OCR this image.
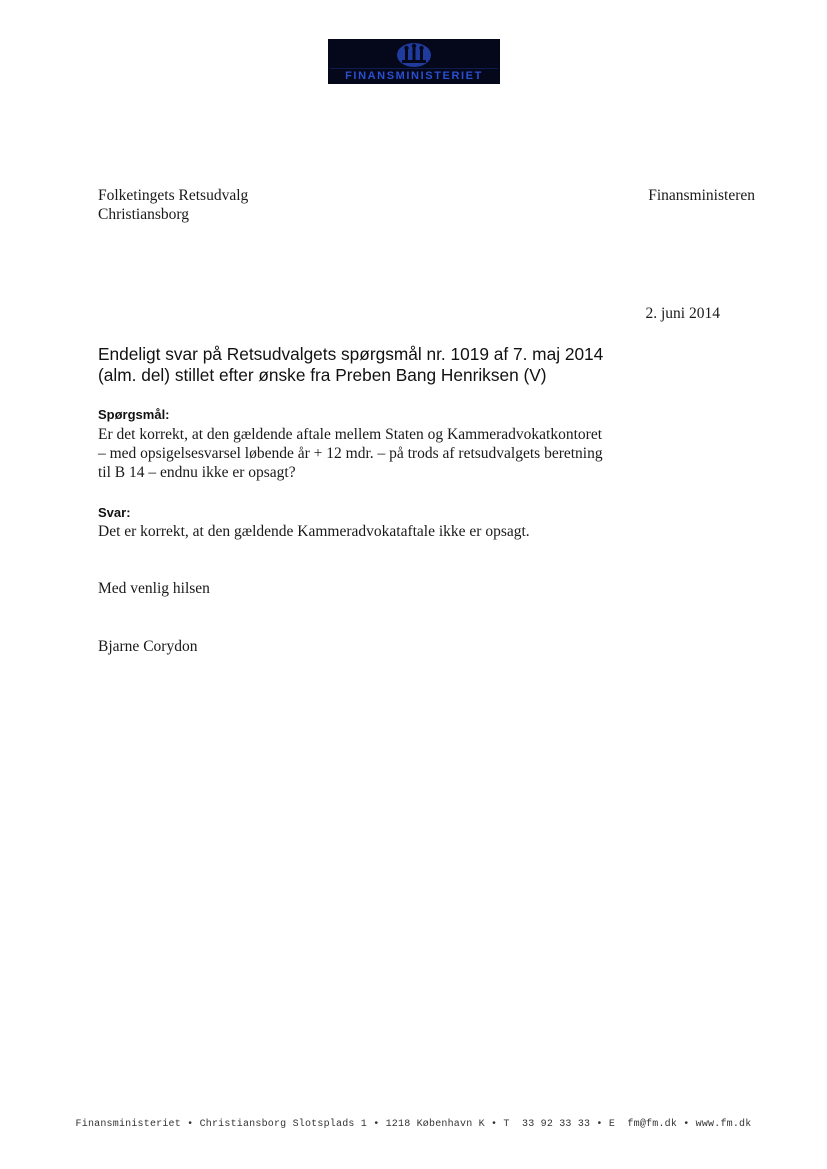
FINANSMINISTERIET
Folketingets Retsudvalg
Christiansborg
Finansministeren
2. juni 2014
Endeligt svar på Retsudvalgets spørgsmål nr. 1019 af 7. maj 2014
(alm. del) stillet efter ønske fra Preben Bang Henriksen (V)
Spørgsmål:
Er det korrekt, at den gældende aftale mellem Staten og Kammeradvokatkontoret
– med opsigelsesvarsel løbende år + 12 mdr. – på trods af retsudvalgets beretning
til B 14 – endnu ikke er opsagt?
Svar:
Det er korrekt, at den gældende Kammeradvokataftale ikke er opsagt.
Med venlig hilsen
Bjarne Corydon
Finansministeriet • Christiansborg Slotsplads 1 • 1218 København K • T  33 92 33 33 • E  fm@fm.dk • www.fm.dk
